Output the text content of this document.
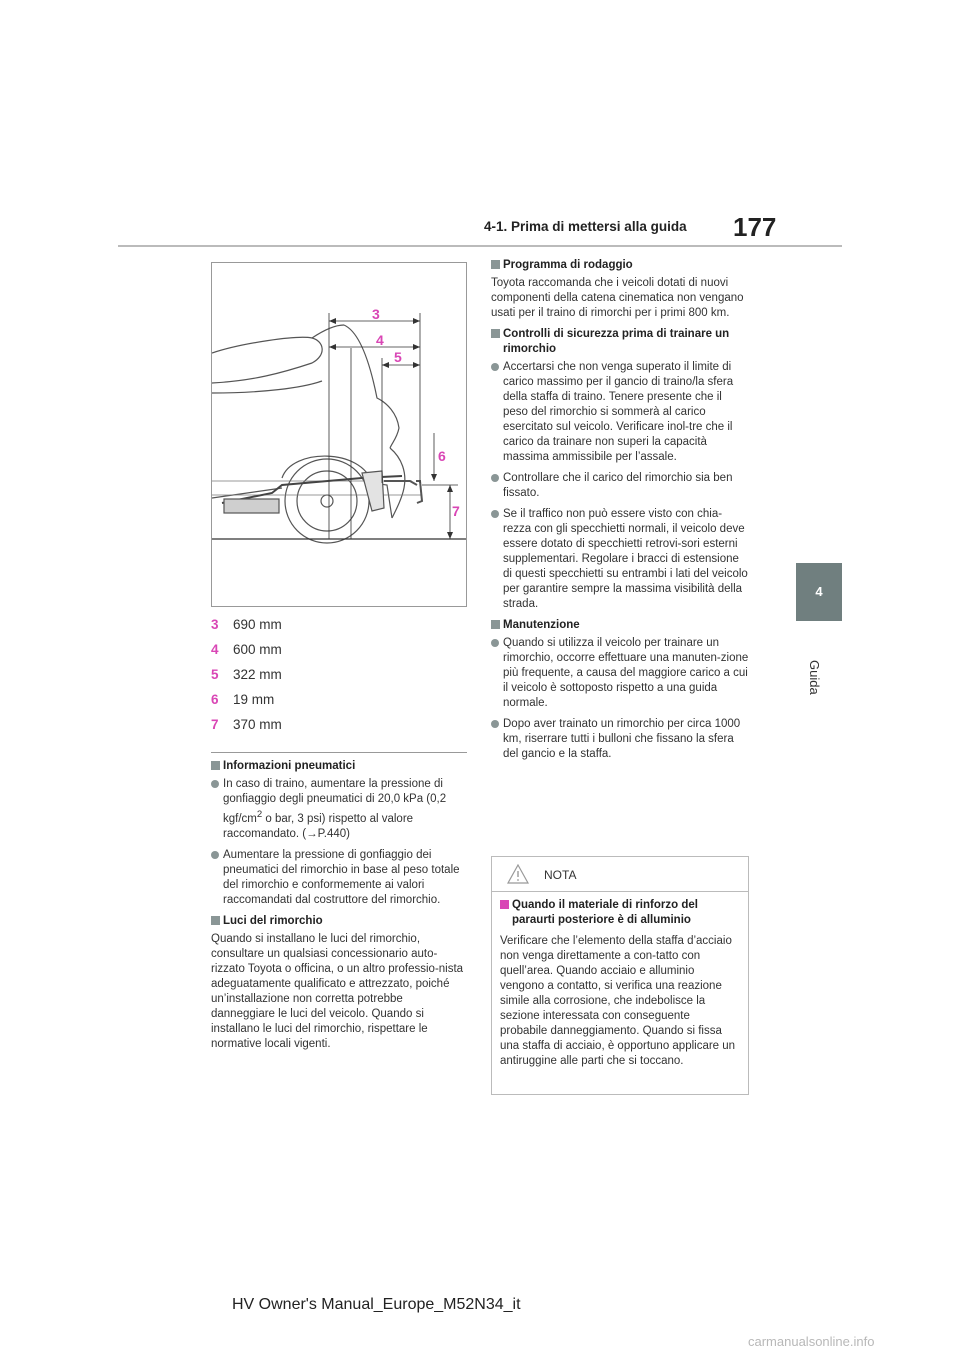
4-1. Prima di mettersi alla guida 177
4
Guida
3
4
5
6
7
3 690 mm
4 600 mm
5 322 mm
6 19 mm
7 370 mm
Informazioni pneumatici
In caso di traino, aumentare la pressione di gonfiaggio degli pneumatici di 20,0 kPa (0,2 kgf/$cm^2$ o bar, 3 psi) rispetto al valore raccomandato. (→P.440)
Aumentare la pressione di gonfiaggio dei pneumatici del rimorchio in base al peso totale del rimorchio e conformemente ai valori raccomandati dal costruttore del rimorchio.
Luci del rimorchio
Quando si installano le luci del rimorchio, consultare un qualsiasi concessionario auto-rizzato Toyota o officina, o un altro professio-nista adeguatamente qualificato e attrezzato, poiché un’installazione non corretta potrebbe danneggiare le luci del veicolo. Quando si installano le luci del rimorchio, rispettare le normative locali vigenti.
Programma di rodaggio
Toyota raccomanda che i veicoli dotati di nuovi componenti della catena cinematica non vengano usati per il traino di rimorchi per i primi 800 km.
Controlli di sicurezza prima di trainare un rimorchio
Accertarsi che non venga superato il limite di carico massimo per il gancio di traino/la sfera della staffa di traino. Tenere presente che il peso del rimorchio si sommerà al carico esercitato sul veicolo. Verificare inol-tre che il carico da trainare non superi la capacità massima ammissibile per l’assale.
Controllare che il carico del rimorchio sia ben fissato.
Se il traffico non può essere visto con chia-rezza con gli specchietti normali, il veicolo deve essere dotato di specchietti retrovi-sori esterni supplementari. Regolare i bracci di estensione di questi specchietti su entrambi i lati del veicolo per garantire sempre la massima visibilità della strada.
Manutenzione
Quando si utilizza il veicolo per trainare un rimorchio, occorre effettuare una manuten-zione più frequente, a causa del maggiore carico a cui il veicolo è sottoposto rispetto a una guida normale.
Dopo aver trainato un rimorchio per circa 1000 km, riserrare tutti i bulloni che fissano la sfera del gancio e la staffa.
NOTA
Quando il materiale di rinforzo del paraurti posteriore è di alluminio
Verificare che l’elemento della staffa d’acciaio non venga direttamente a con-tatto con quell’area. Quando acciaio e alluminio vengono a contatto, si verifica una reazione simile alla corrosione, che indebolisce la sezione interessata con conseguente probabile danneggiamento. Quando si fissa una staffa di acciaio, è opportuno applicare un antiruggine alle parti che si toccano.
HV Owner's Manual_Europe_M52N34_it
carmanualsonline.info
